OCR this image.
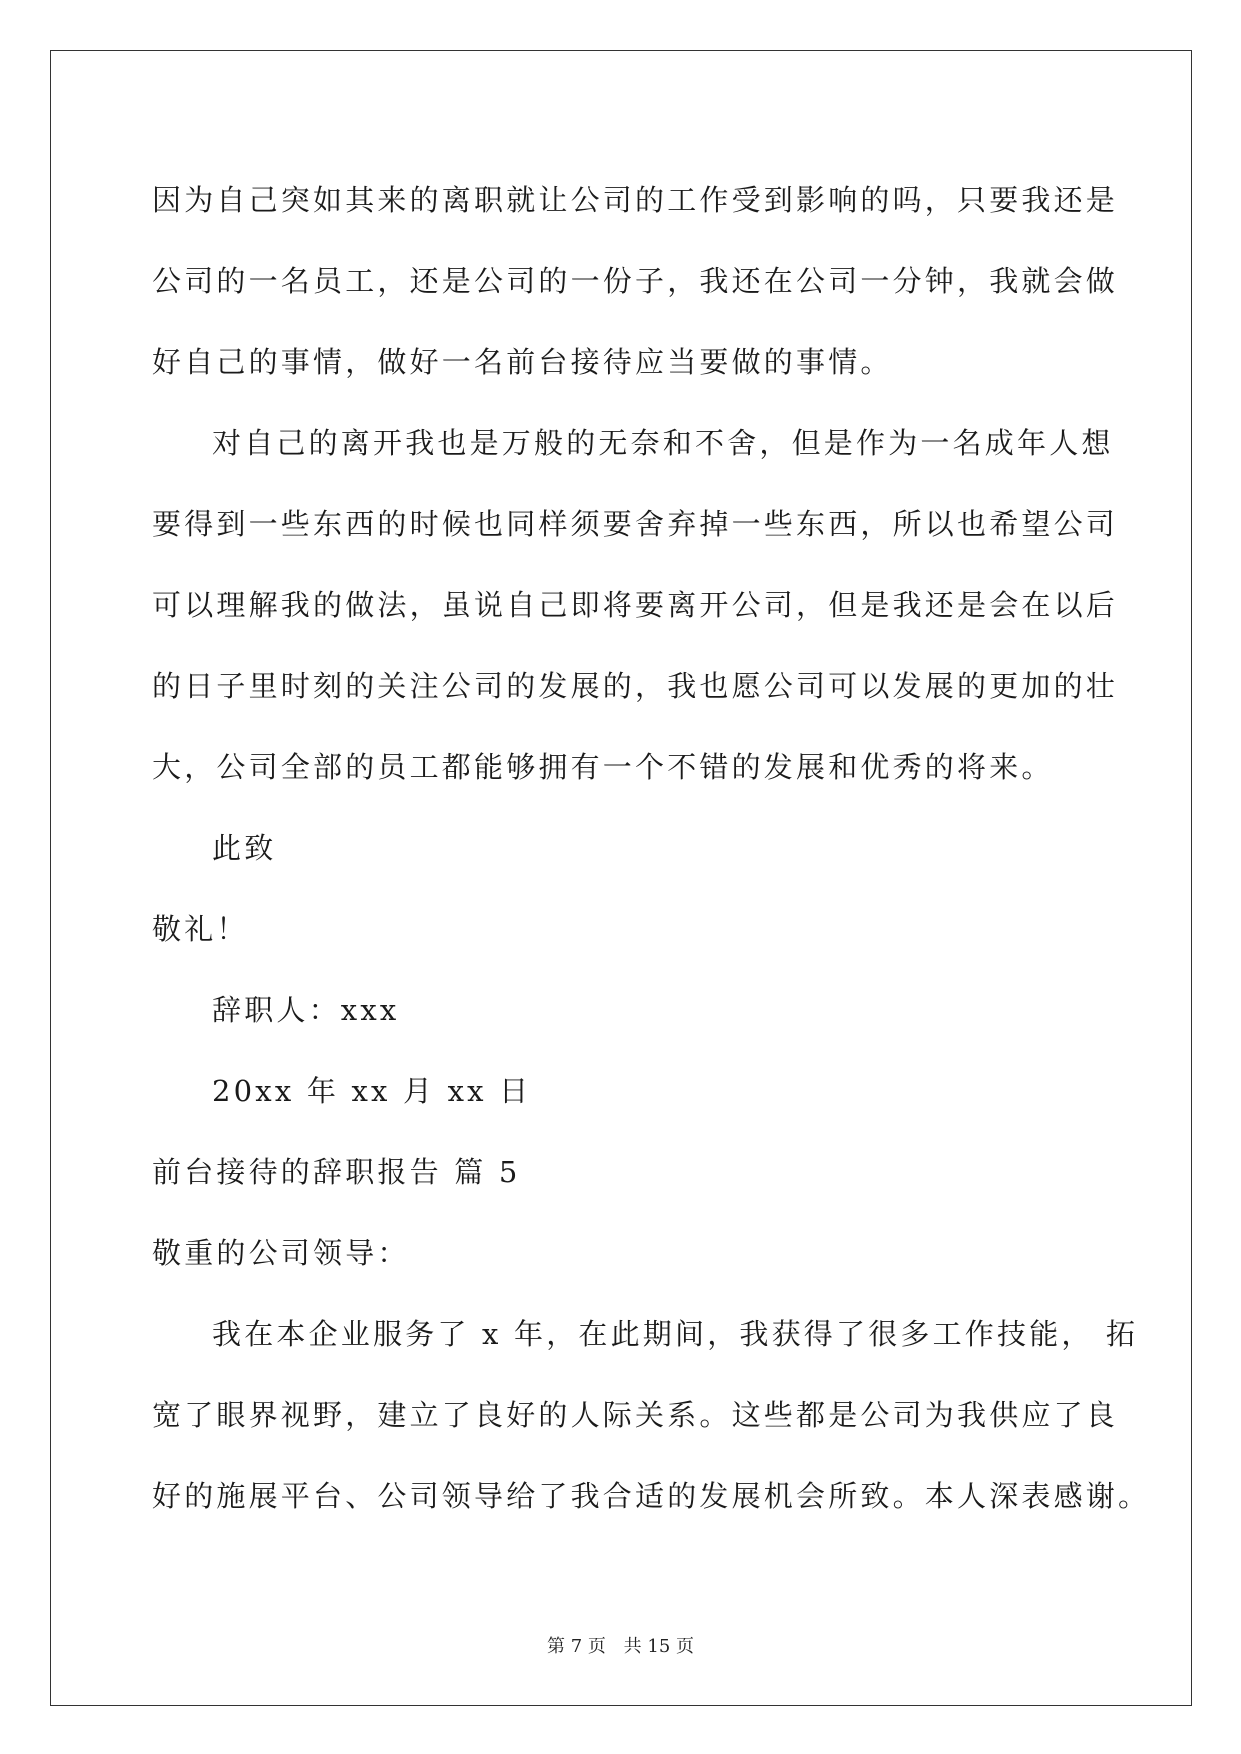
因为自己突如其来的离职就让公司的工作受到影响的吗，只要我还是
公司的一名员工，还是公司的一份子，我还在公司一分钟，我就会做
好自己的事情，做好一名前台接待应当要做的事情。
对自己的离开我也是万般的无奈和不舍，但是作为一名成年人想
要得到一些东西的时候也同样须要舍弃掉一些东西，所以也希望公司
可以理解我的做法，虽说自己即将要离开公司，但是我还是会在以后
的日子里时刻的关注公司的发展的，我也愿公司可以发展的更加的壮
大，公司全部的员工都能够拥有一个不错的发展和优秀的将来。
此致
敬礼！
辞职人：xxx
20xx 年 xx 月 xx 日
前台接待的辞职报告 篇 5
敬重的公司领导：
我在本企业服务了 x 年，在此期间，我获得了很多工作技能， 拓
宽了眼界视野，建立了良好的人际关系。这些都是公司为我供应了良
好的施展平台、公司领导给了我合适的发展机会所致。本人深表感谢。
第 7 页 共 15 页
